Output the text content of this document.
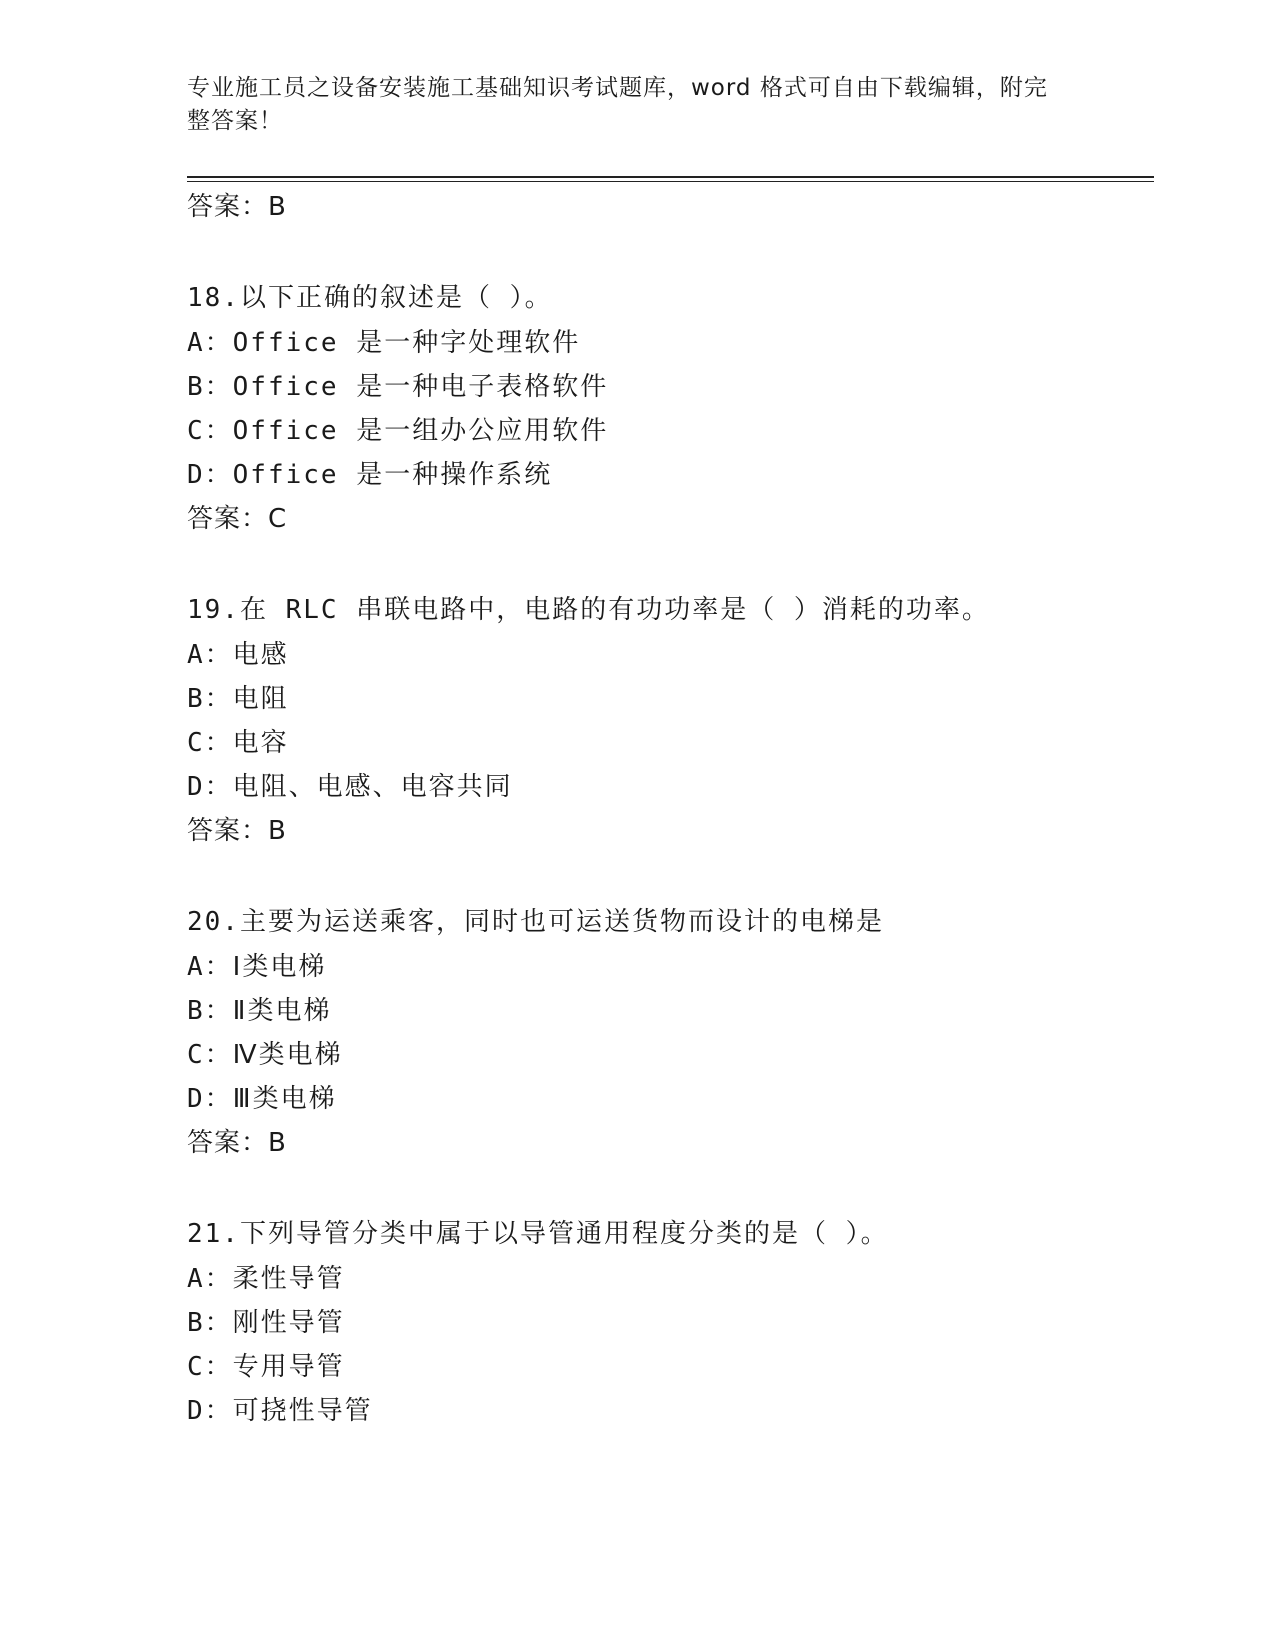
专业施工员之设备安装施工基础知识考试题库，word 格式可自由下载编辑，附完整答案！
答案：B
18.以下正确的叙述是（ ）。
A：Office 是一种字处理软件
B：Office 是一种电子表格软件
C：Office 是一组办公应用软件
D：Office 是一种操作系统
答案：C
19.在 RLC 串联电路中，电路的有功功率是（ ）消耗的功率。
A：电感
B：电阻
C：电容
D：电阻、电感、电容共同
答案：B
20.主要为运送乘客，同时也可运送货物而设计的电梯是
A：Ⅰ类电梯
B：Ⅱ类电梯
C：Ⅳ类电梯
D：Ⅲ类电梯
答案：B
21.下列导管分类中属于以导管通用程度分类的是（ ）。
A：柔性导管
B：刚性导管
C：专用导管
D：可挠性导管
